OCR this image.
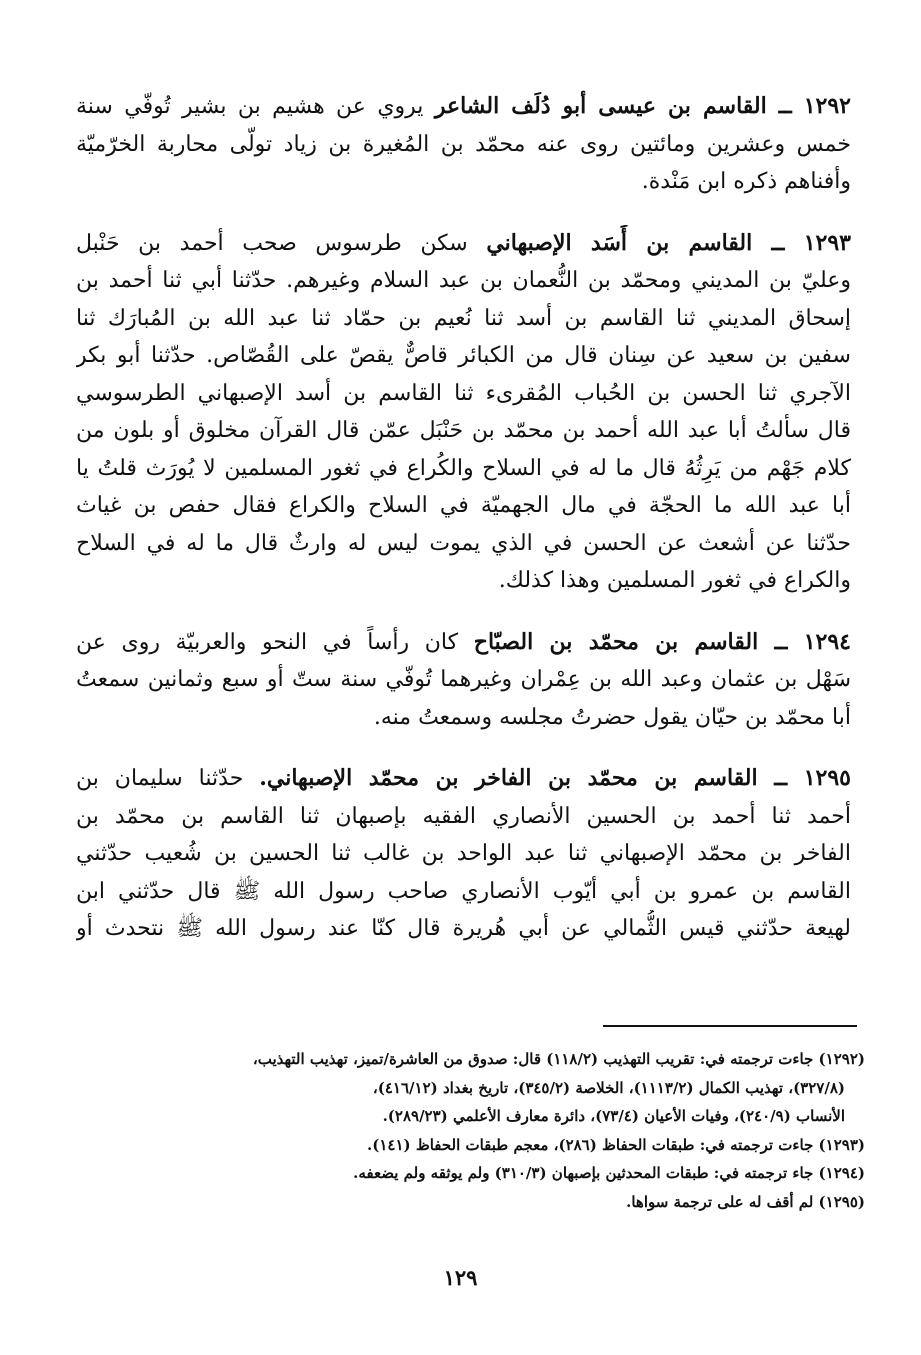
١٢٩٢ ــ القاسم بن عيسى أبو دُلَف الشاعر يروي عن هشيم بن بشير تُوفّي سنة
خمس وعشرين ومائتين روى عنه محمّد بن المُغيرة بن زياد تولّى محاربة الخرّميّة
وأفناهم ذكره ابن مَنْدة.
١٢٩٣ ــ القاسم بن أَسَد الإصبهاني سكن طرسوس صحب أحمد بن حَنْبل
وعليّ بن المديني ومحمّد بن النُّعمان بن عبد السلام وغيرهم. حدّثنا أبي ثنا أحمد بن
إسحاق المديني ثنا القاسم بن أسد ثنا نُعيم بن حمّاد ثنا عبد الله بن المُبارَك ثنا
سفين بن سعيد عن سِنان قال من الكبائر قاصٌّ يقصّ على القُصّاص. حدّثنا أبو بكر
الآجري ثنا الحسن بن الحُباب المُقرىء ثنا القاسم بن أسد الإصبهاني الطرسوسي
قال سألتُ أبا عبد الله أحمد بن محمّد بن حَنْبَل عمّن قال القرآن مخلوق أو بلون من
كلام جَهْم من يَرِثُهُ قال ما له في السلاح والكُراع في ثغور المسلمين لا يُورَث قلتُ يا
أبا عبد الله ما الحجّة في مال الجهميّة في السلاح والكراع فقال حفص بن غياث
حدّثنا عن أشعث عن الحسن في الذي يموت ليس له وارثٌ قال ما له في السلاح
والكراع في ثغور المسلمين وهذا كذلك.
١٢٩٤ ــ القاسم بن محمّد بن الصبّاح كان رأساً في النحو والعربيّة روى عن
سَهْل بن عثمان وعبد الله بن عِمْران وغيرهما تُوفّي سنة ستّ أو سبع وثمانين سمعتُ
أبا محمّد بن حيّان يقول حضرتُ مجلسه وسمعتُ منه.
١٢٩٥ ــ القاسم بن محمّد بن الفاخر بن محمّد الإصبهاني. حدّثنا سليمان بن
أحمد ثنا أحمد بن الحسين الأنصاري الفقيه بإصبهان ثنا القاسم بن محمّد بن
الفاخر بن محمّد الإصبهاني ثنا عبد الواحد بن غالب ثنا الحسين بن شُعيب حدّثني
القاسم بن عمرو بن أبي أيّوب الأنصاري صاحب رسول الله ﷺ قال حدّثني ابن
لهيعة حدّثني قيس الثُّمالي عن أبي هُريرة قال كنّا عند رسول الله ﷺ نتحدث أو
(١٢٩٢) جاءت ترجمته في: تقريب التهذيب (١١٨/٢) قال: صدوق من العاشرة/تميز، تهذيب التهذيب،
(٣٢٧/٨)، تهذيب الكمال (١١١٣/٢)، الخلاصة (٣٤٥/٢)، تاريخ بغداد (٤١٦/١٢)،
الأنساب (٢٤٠/٩)، وفيات الأعيان (٧٣/٤)، دائرة معارف الأعلمي (٢٨٩/٢٣).
(١٢٩٣) جاءت ترجمته في: طبقات الحفاظ (٢٨٦)، معجم طبقات الحفاظ (١٤١).
(١٢٩٤) جاء ترجمته في: طبقات المحدثين بإصبهان (٣١٠/٣) ولم يوثقه ولم يضعفه.
(١٢٩٥) لم أقف له على ترجمة سواها.
١٢٩
